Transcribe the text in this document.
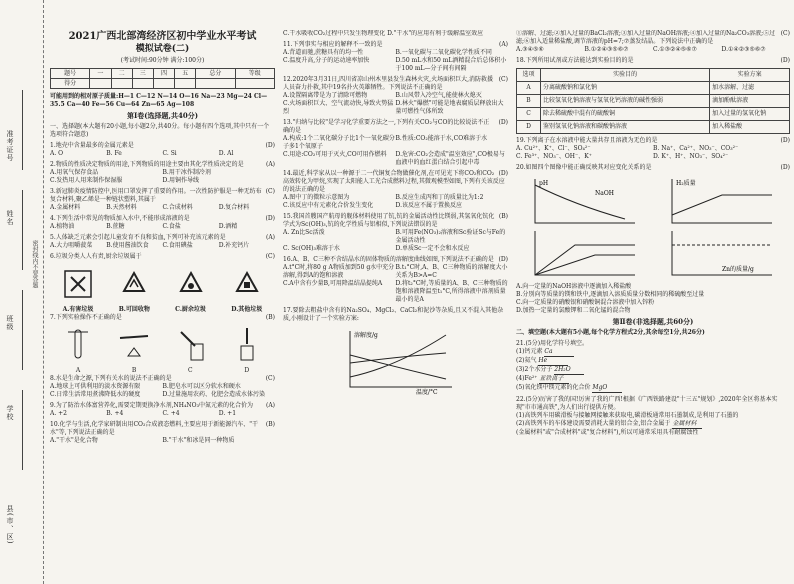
准考证号
姓名
班级
学校
县(市、区)
密封线内不要答题
2021广西北部湾经济区初中学业水平考试
模拟试卷(二)
(考试时间:90分钟 满分:100分)
题号	一	二	三	四	五	总分	等级
得分							
可能用到的相对原子质量:H—1 C—12 N—14 O—16 Na—23 Mg—24 Cl—35.5 Ca—40 Fe—56 Cu—64 Zn—65 Ag—108
第Ⅰ卷(选择题,共40分)
一、选择题(本大题有20小题,每小题2分,共40分。每小题有四个选项,其中只有一个选项符合题意)
(D)
1.地壳中含量最多的金属元素是
A. O	B. Fe	C. Si	D. Al
(A)
2.物质的性质决定物质的用途,下列物质的用途主要由其化学性质决定的是
A.用氧气保存食品	B.用干冰作制冷剂
C.发热用人用来制作保湿服	D.用铜作导线
(C)
3.新冠肺炎疫情防控中,医用口罩发挥了重要的作用。一次性防护服是一种无纺布复合材料,聚乙烯是一种链状塑料,其属于
A.金属材料	B.天然材料	C.合成材料	D.复合材料
(D)
4.下列生活中常见的物质加入水中,不能形成溶液的是
A.植物油	B.蔗糖	C.食盐	D.酒精
(A)
5.人体缺乏元素会引起儿童发育不良和贫血,下列可补充该元素的是
A.大力咀嚼菠菜	B.使用酱油饮食	C.食用碘盐	D.补充钙片
(C)
6.垃圾分类人人有责,厨余垃圾属于
A.有害垃圾	B.可回收物	C.厨余垃圾	D.其他垃圾
(B)
7.下列实验操作不正确的是
A	B	C	D
(C)
8.水是生命之源,下列有关水的说法不正确的是
A.地球上可供利用的淡水资源有限	B.肥皂水可以区分软水和硬水
C.日常生活常用煮沸降低水的硬度	D.过量施用农药、化肥会造成水体污染
(A)
9.为了防治水体富营养化,需要定期更换净水剂,NH₄NO₃中氮元素的化合价为
A. +2	B. +4	C. +4	D. +1
(B)
10.化学与生活,化学家研制出用CO₂合成液态燃料,主要应用于新能源汽车、"干水"等,下列说法正确的是
A."干水"是化合物	B."干水"和冰是同一种物质
C.干水吸收CO₂过程中只发生物理变化 D."干水"的应用有利于缓解温室效应
(A)
11.下列事实与相应的解释不一致的是
A.背道而驰,蔗糖具有的均一性	B.一氧化碳与二氧化碳化学性质不同
C.温度升高,分子的运动速率加快	D.50 mL水和50 mL酒精混合后总体积小于100 mL—分子间有间隔
(C)
12.2020年3月31日,四川省凉山州木里县发生森林火灾,火场面积巨大,消防救援人员奋力扑救,其中19名扑火英雄牺牲。下列说法不正确的是
A.设置隔离带是为了清除可燃物	B.山风带入冷空气,能使林火熄灭
C.火场面积巨大、空气流动快,导致火势猛烈
D.林火"爆燃"可能是地表腐质层释放出大量可燃性气体所致
(D)
13."归纳与比较"是学习化学重要方法之一,下列有关CO₂与CO的比较说法不正确的是
A.构成:1个二氧化碳分子比1个一氧化碳分子多1个氧原子
B.性质:CO₂能溶于水,CO难溶于水
C.用途:CO₂可用于灭火,CO可用作燃料	D.危害:CO₂会造成"温室效应",CO极易与血液中的血红蛋白结合引起中毒
(D)
14.最近,科学家从以一种源于二一代铜复合物做催化剂,在可见光下将CO₂和CO₂高效转化为甲烷,实现了太阳能人工光合成燃料过程,其微观模型如图,下列有关该反应的说法正确的是
A.图中丁的微粒示意图为	B.反应生成丙和丁的质量比为1:2
C.该反应中有元素化合价发生变化	D.该反应不属于置换反应
(B)
15.我国首艘国产航母的舰体材料使用了钪,钪的金属活动性比镁弱,其氢氧化钪化学式为Sc(OH)₃,钪的化学性质与铝相似,下列说法错误的是
A. Zn比Sc活泼	B.可用Fe(NO₃)₂溶液和Sc验证Sc与Fe的金属活动性
C. Sc(OH)₃难溶于水	D.单质Sc一定不会和水反应
(D)
16.A、B、C三种不含结晶水的固体物质的溶解度曲线如图,下列说法不正确的是
A.t°C时,将80 g A物质加到50 g水中充分溶解,得到A的饱和溶液
B.t₁°C时,A、B、C三种物质的溶解度大小关系为B>A=C
C.A中含有少量B,可用降温结晶提纯A	D.将t₂°C时,等质量的A、B、C三种物质的饱和溶液降温至t₁°C,所得溶液中溶剂质量最小的是A
17.要除去粗盐中含有的Na₂SO₄、MgCl₂、CaCl₂和泥沙等杂质,且又不混入其他杂质,小刚设计了一个实验方案:
溶解度/g
温度/°C
(C)
①溶解、过滤;②加入过量的BaCl₂溶液;③加入过量的NaOH溶液;④加入过量的Na₂CO₃溶液;⑤过滤;⑥加入适量稀盐酸,调节溶液的pH=7;⑦蒸发结晶。下列说法中正确的是
A.③④⑤⑥	B.①②④③⑤⑥⑦	C.①③②④⑤⑥⑦	D.①④②③⑤⑥⑦
(D)
18.下列所用试剂或方法能达到实验目的的是
选项	实验目的	实验方案
A	分离硫酸钠和氯化钠	加水溶解、过滤
B	比较氢氧化钠溶液与氢氧化钙溶液的碱性强弱	滴加酚酞溶液
C	除去稀硫酸中混有的硫酸铜	加入过量的氢氧化钠
D	鉴别氢氧化钠溶液和碳酸钠溶液	加入稀盐酸
(D)
19.下列离子在水溶液中能大量共存且溶液为无色的是
A. Cu²⁺、K⁺、Cl⁻、SO₄²⁻	B. Na⁺、Ca²⁺、NO₃⁻、CO₃²⁻
C. Fe³⁺、NO₃⁻、OH⁻、K⁺	D. K⁺、H⁺、NO₃⁻、SO₄²⁻
(D)
20.如图四个图像中能正确反映其对应变化关系的是
pH
NaOH
H₂质量
Zn的质量/g
A.向一定量的NaOH溶液中逐滴加入稀盐酸
B.分别向等质量的镁和铁中,逐滴加入溶质质量分数相同的稀硫酸至过量
C.向一定质量的硝酸银和硝酸铜混合溶液中加入锌粉
D.加热一定量的氯酸钾和二氧化锰的混合物
第Ⅱ卷(非选择题,共60分)
二、填空题(本大题有5小题,每个化学方程式2分,其余每空1分,共26分)
21.(5分)用化学符号填空。
(1)钙元素 Ca
(2)氦气 He
(3)2个水分子 2H₂O
(4)Fe²⁺ 亚铁离子
(5)氧化镁中镁元素的化合价 MgO
22.(5分)厉害了我的国!厉害了我的广西!根据《广西铁路建设"十三五"规划》,2020年全区将基本实现"市市通高铁",为人们出行提供方便。
(1)高铁列车用碳滑板与接触网接触来获取电,碳滑板通常用石墨制成,是利用了石墨的
(2)高铁列车的车体建设需要消耗大量的铝合金,铝合金属于 金属材料
(金属材料"或"合成材料"或"复合材料"),所以可通常采用具有耐腐蚀性
